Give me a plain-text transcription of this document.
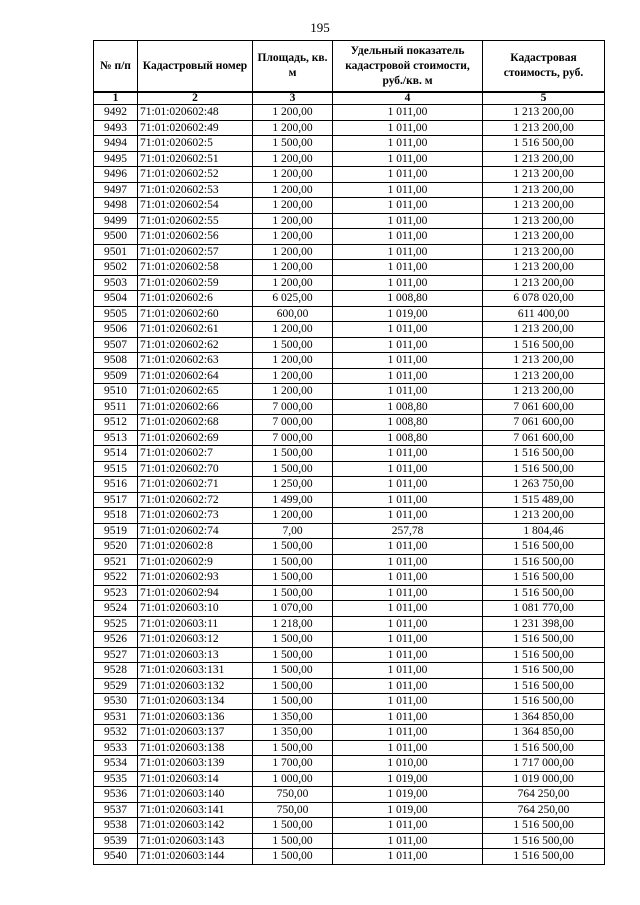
195
№ п/п	Кадастровый номер	Площадь, кв. м	Удельный показатель кадастровой стоимости, руб./кв. м	Кадастровая стоимость, руб.
1	2	3	4	5
9492	71:01:020602:48	1 200,00	1 011,00	1 213 200,00
9493	71:01:020602:49	1 200,00	1 011,00	1 213 200,00
9494	71:01:020602:5	1 500,00	1 011,00	1 516 500,00
9495	71:01:020602:51	1 200,00	1 011,00	1 213 200,00
9496	71:01:020602:52	1 200,00	1 011,00	1 213 200,00
9497	71:01:020602:53	1 200,00	1 011,00	1 213 200,00
9498	71:01:020602:54	1 200,00	1 011,00	1 213 200,00
9499	71:01:020602:55	1 200,00	1 011,00	1 213 200,00
9500	71:01:020602:56	1 200,00	1 011,00	1 213 200,00
9501	71:01:020602:57	1 200,00	1 011,00	1 213 200,00
9502	71:01:020602:58	1 200,00	1 011,00	1 213 200,00
9503	71:01:020602:59	1 200,00	1 011,00	1 213 200,00
9504	71:01:020602:6	6 025,00	1 008,80	6 078 020,00
9505	71:01:020602:60	600,00	1 019,00	611 400,00
9506	71:01:020602:61	1 200,00	1 011,00	1 213 200,00
9507	71:01:020602:62	1 500,00	1 011,00	1 516 500,00
9508	71:01:020602:63	1 200,00	1 011,00	1 213 200,00
9509	71:01:020602:64	1 200,00	1 011,00	1 213 200,00
9510	71:01:020602:65	1 200,00	1 011,00	1 213 200,00
9511	71:01:020602:66	7 000,00	1 008,80	7 061 600,00
9512	71:01:020602:68	7 000,00	1 008,80	7 061 600,00
9513	71:01:020602:69	7 000,00	1 008,80	7 061 600,00
9514	71:01:020602:7	1 500,00	1 011,00	1 516 500,00
9515	71:01:020602:70	1 500,00	1 011,00	1 516 500,00
9516	71:01:020602:71	1 250,00	1 011,00	1 263 750,00
9517	71:01:020602:72	1 499,00	1 011,00	1 515 489,00
9518	71:01:020602:73	1 200,00	1 011,00	1 213 200,00
9519	71:01:020602:74	7,00	257,78	1 804,46
9520	71:01:020602:8	1 500,00	1 011,00	1 516 500,00
9521	71:01:020602:9	1 500,00	1 011,00	1 516 500,00
9522	71:01:020602:93	1 500,00	1 011,00	1 516 500,00
9523	71:01:020602:94	1 500,00	1 011,00	1 516 500,00
9524	71:01:020603:10	1 070,00	1 011,00	1 081 770,00
9525	71:01:020603:11	1 218,00	1 011,00	1 231 398,00
9526	71:01:020603:12	1 500,00	1 011,00	1 516 500,00
9527	71:01:020603:13	1 500,00	1 011,00	1 516 500,00
9528	71:01:020603:131	1 500,00	1 011,00	1 516 500,00
9529	71:01:020603:132	1 500,00	1 011,00	1 516 500,00
9530	71:01:020603:134	1 500,00	1 011,00	1 516 500,00
9531	71:01:020603:136	1 350,00	1 011,00	1 364 850,00
9532	71:01:020603:137	1 350,00	1 011,00	1 364 850,00
9533	71:01:020603:138	1 500,00	1 011,00	1 516 500,00
9534	71:01:020603:139	1 700,00	1 010,00	1 717 000,00
9535	71:01:020603:14	1 000,00	1 019,00	1 019 000,00
9536	71:01:020603:140	750,00	1 019,00	764 250,00
9537	71:01:020603:141	750,00	1 019,00	764 250,00
9538	71:01:020603:142	1 500,00	1 011,00	1 516 500,00
9539	71:01:020603:143	1 500,00	1 011,00	1 516 500,00
9540	71:01:020603:144	1 500,00	1 011,00	1 516 500,00
